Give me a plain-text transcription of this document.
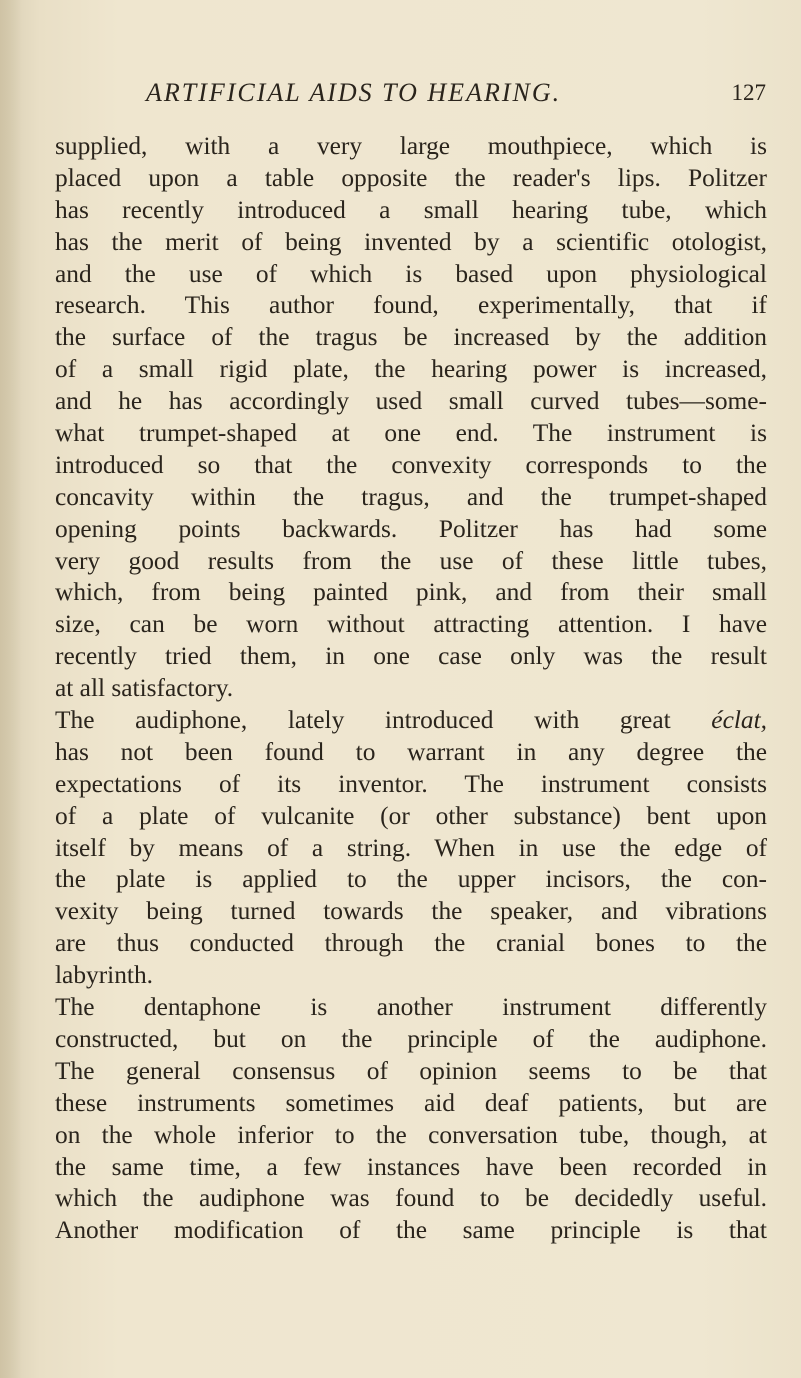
ARTIFICIAL AIDS TO HEARING.	127
supplied, with a very large mouthpiece, which is
placed upon a table opposite the reader's lips. Politzer
has recently introduced a small hearing tube, which
has the merit of being invented by a scientific otologist,
and the use of which is based upon physiological
research. This author found, experimentally, that if
the surface of the tragus be increased by the addition
of a small rigid plate, the hearing power is increased,
and he has accordingly used small curved tubes—some-
what trumpet-shaped at one end. The instrument is
introduced so that the convexity corresponds to the
concavity within the tragus, and the trumpet-shaped
opening points backwards. Politzer has had some
very good results from the use of these little tubes,
which, from being painted pink, and from their small
size, can be worn without attracting attention. I have
recently tried them, in one case only was the result
at all satisfactory.
The audiphone, lately introduced with great éclat,
has not been found to warrant in any degree the
expectations of its inventor. The instrument consists
of a plate of vulcanite (or other substance) bent upon
itself by means of a string. When in use the edge of
the plate is applied to the upper incisors, the con-
vexity being turned towards the speaker, and vibrations
are thus conducted through the cranial bones to the
labyrinth.
The dentaphone is another instrument differently
constructed, but on the principle of the audiphone.
The general consensus of opinion seems to be that
these instruments sometimes aid deaf patients, but are
on the whole inferior to the conversation tube, though, at
the same time, a few instances have been recorded in
which the audiphone was found to be decidedly useful.
Another modification of the same principle is that
